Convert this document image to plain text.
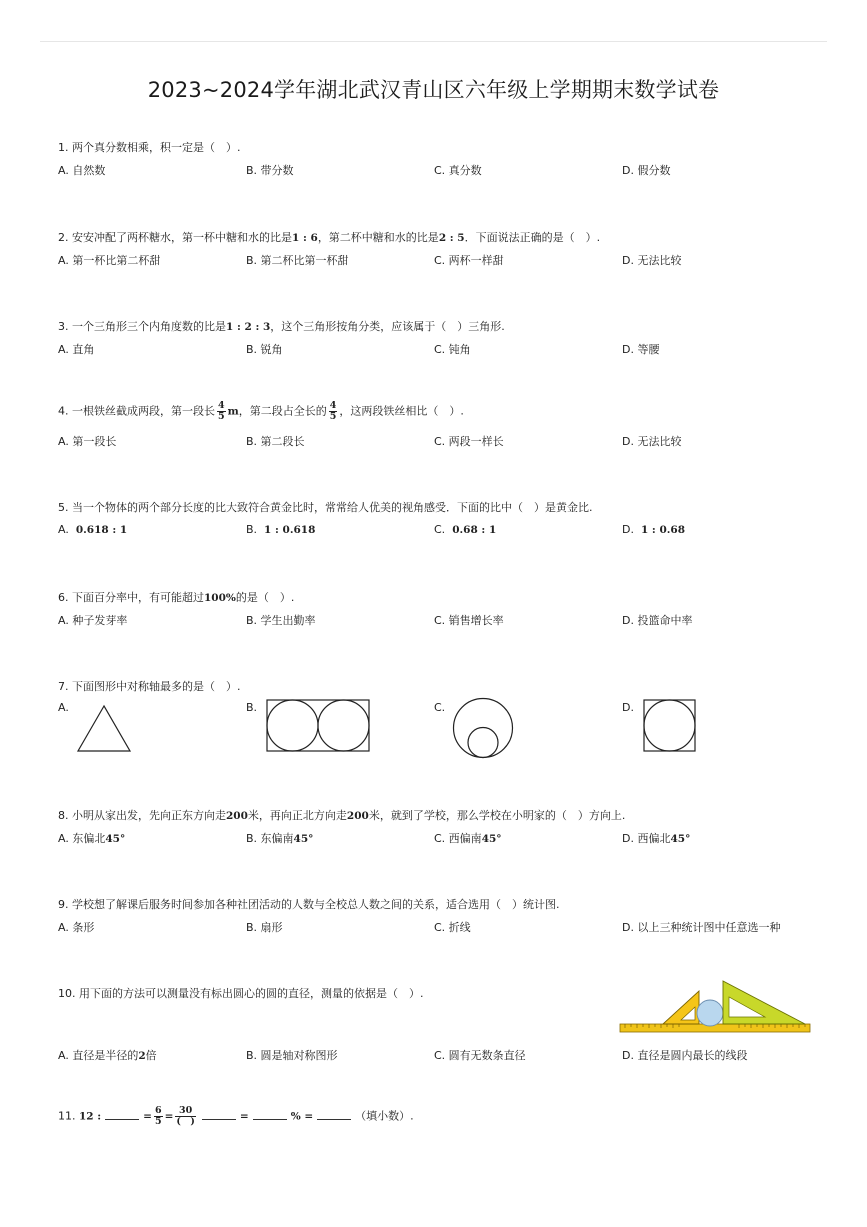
2023~2024学年湖北武汉青山区六年级上学期期末数学试卷
1. 两个真分数相乘，积一定是（　）.
A. 自然数	B. 带分数	C. 真分数	D. 假分数
2. 安安冲配了两杯糖水，第一杯中糖和水的比是1 : 6，第二杯中糖和水的比是2 : 5．下面说法正确的是（　）.
A. 第一杯比第二杯甜	B. 第二杯比第一杯甜	C. 两杯一样甜	D. 无法比较
3. 一个三角形三个内角度数的比是1 : 2 : 3，这个三角形按角分类，应该属于（　）三角形.
A. 直角	B. 锐角	C. 钝角	D. 等腰
4. 一根铁丝截成两段，第一段长 $\frac{4}{5}$ m，第二段占全长的 $\frac{4}{5}$ ，这两段铁丝相比（　）.
A. 第一段长	B. 第二段长	C. 两段一样长	D. 无法比较
5. 当一个物体的两个部分长度的比大致符合黄金比时，常常给人优美的视角感受．下面的比中（　）是黄金比.
A. 0.618 : 1	B. 1 : 0.618	C. 0.68 : 1	D. 1 : 0.68
6. 下面百分率中，有可能超过100%的是（　）.
A. 种子发芽率	B. 学生出勤率	C. 销售增长率	D. 投篮命中率
7. 下面图形中对称轴最多的是（　）.
A.	B.	C.	D.
8. 小明从家出发，先向正东方向走200米，再向正北方向走200米，就到了学校，那么学校在小明家的（　）方向上.
A. 东偏北45°	B. 东偏南45°	C. 西偏南45°	D. 西偏北45°
9. 学校想了解课后服务时间参加各种社团活动的人数与全校总人数之间的关系，适合选用（　）统计图.
A. 条形	B. 扇形	C. 折线	D. 以上三种统计图中任意选一种
10. 用下面的方法可以测量没有标出圆心的圆的直径，测量的依据是（　）.
A. 直径是半径的2倍	B. 圆是轴对称图形	C. 圆有无数条直径	D. 直径是圆内最长的线段
11. 12 :	= $\frac{6}{5} = \frac{30}{( )}$	=	% =	（填小数）.
